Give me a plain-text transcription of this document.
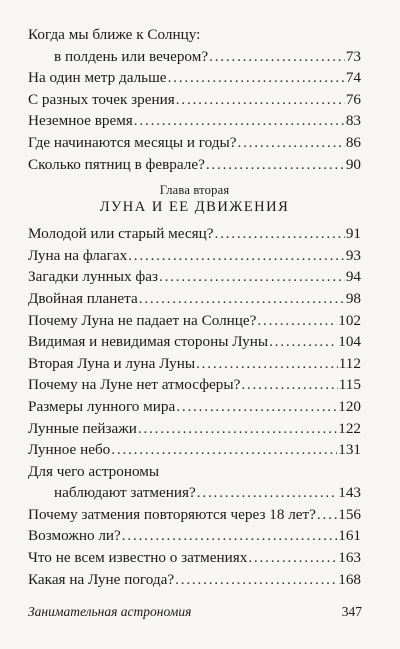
Когда мы ближе к Солнцу:
в полдень или вечером? . . .	73
На один метр дальше . . .	74
С разных точек зрения . . .	76
Неземное время . . .	83
Где начинаются месяцы и годы? . . .	86
Сколько пятниц в феврале? . . .	90
Глава вторая
ЛУНА И ЕЕ ДВИЖЕНИЯ
Молодой или старый месяц? . . .	91
Луна на флагах . . .	93
Загадки лунных фаз . . .	94
Двойная планета . . .	98
Почему Луна не падает на Солнце? . . .	102
Видимая и невидимая стороны Луны . . .	104
Вторая Луна и луна Луны . . .	112
Почему на Луне нет атмосферы? . . .	115
Размеры лунного мира . . .	120
Лунные пейзажи . . .	122
Лунное небо . . .	131
Для чего астрономы
наблюдают затмения? . . .	143
Почему затмения повторяются через 18 лет? . . . 156
Возможно ли? . . .	161
Что не всем известно о затмениях . . .	163
Какая на Луне погода? . . .	168
Занимательная астрономия	347
